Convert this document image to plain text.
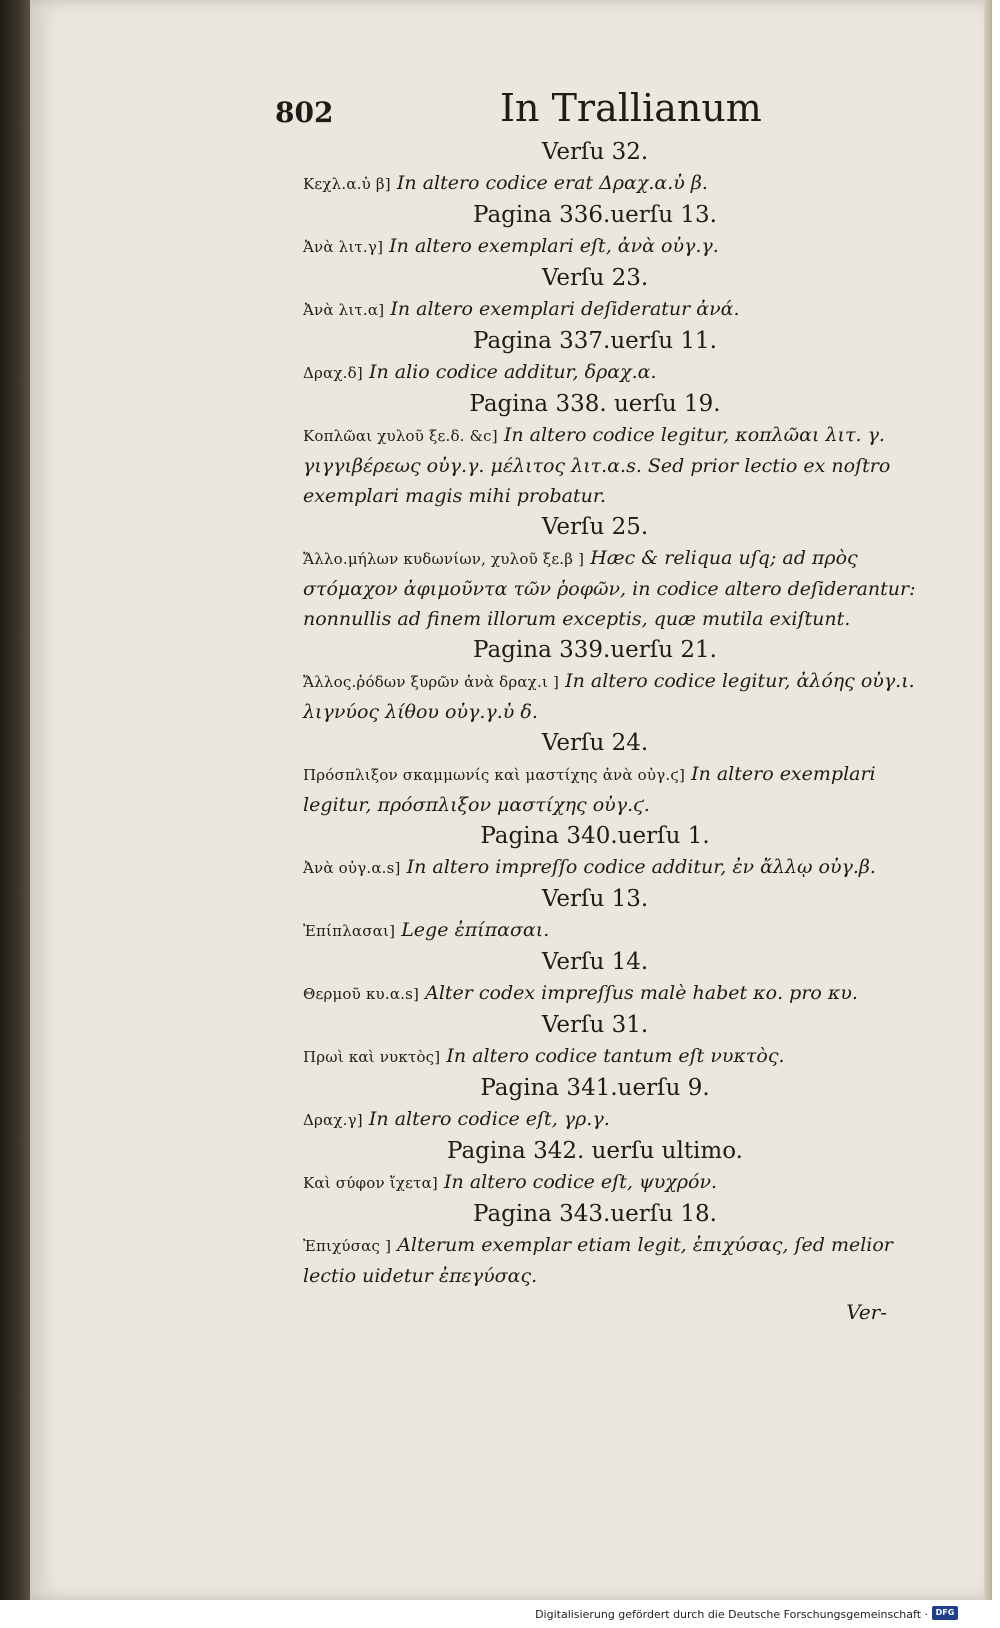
802	In Trallianum

Verſu 32.

Κεχλ.α.ὐ β] In altero codice erat Δραχ.α.ὐ β.

Pagina 336.uerſu 13.

Ἀνὰ λιτ.γ] In altero exemplari eſt, ἀνὰ οὐγ.γ.

Verſu 23.

Ἀνὰ λιτ.α] In altero exemplari deſideratur ἀνά.

Pagina 337.uerſu 11.

Δραχ.δ] In alio codice additur, δραχ.α.

Pagina 338. uerſu 19.

Κοπλῶαι χυλοῦ ξε.δ. &c] In altero codice legitur, κοπλῶαι λιτ. γ. γιγγιβέρεως οὐγ.γ. μέλιτος λιτ.α.s. Sed prior lectio ex noſtro exemplari magis mihi probatur.

Verſu 25.

Ἄλλο.μήλων κυδωνίων, χυλοῦ ξε.β ] Hæc & reliqua uſq; ad πρὸς στόμαχον ἀφιμοῦντα τῶν ῥοφῶν, in codice altero deſiderantur: nonnullis ad finem illorum exceptis, quæ mutila exiſtunt.

Pagina 339.uerſu 21.

Ἄλλος.ῥόδων ξυρῶν ἀνὰ δραχ.ι ] In altero codice legitur, ἀλόης οὐγ.ι. λιγνύος λίθου οὐγ.γ.ὐ δ.

Verſu 24.

Πρόσπλιξον σκαμμωνίς καὶ μαστίχης ἀνὰ οὐγ.ϛ] In altero exemplari legitur, πρόσπλιξον μαστίχης οὐγ.ϛ.

Pagina 340.uerſu 1.

Ἀνὰ οὐγ.α.s] In altero impreſſo codice additur, ἐν ἄλλῳ οὐγ.β.

Verſu 13.

Ἐπίπλασαι] Lege ἐπίπασαι.

Verſu 14.

Θερμοῦ κυ.α.s] Alter codex impreſſus malè habet κο. pro κυ.

Verſu 31.

Πρωὶ καὶ νυκτὸς] In altero codice tantum eſt νυκτὸς.

Pagina 341.uerſu 9.

Δραχ.γ] In altero codice eſt, γρ.γ.

Pagina 342. uerſu ultimo.

Καὶ σύφον ἴχετα] In altero codice eſt, ψυχρόν.

Pagina 343.uerſu 18.

Ἐπιχύσας ] Alterum exemplar etiam legit, ἐπιχύσας, ſed melior lectio uidetur ἐπεγύσας.

Ver-
Digitalisierung gefördert durch die Deutsche Forschungsgemeinschaft · DFG
